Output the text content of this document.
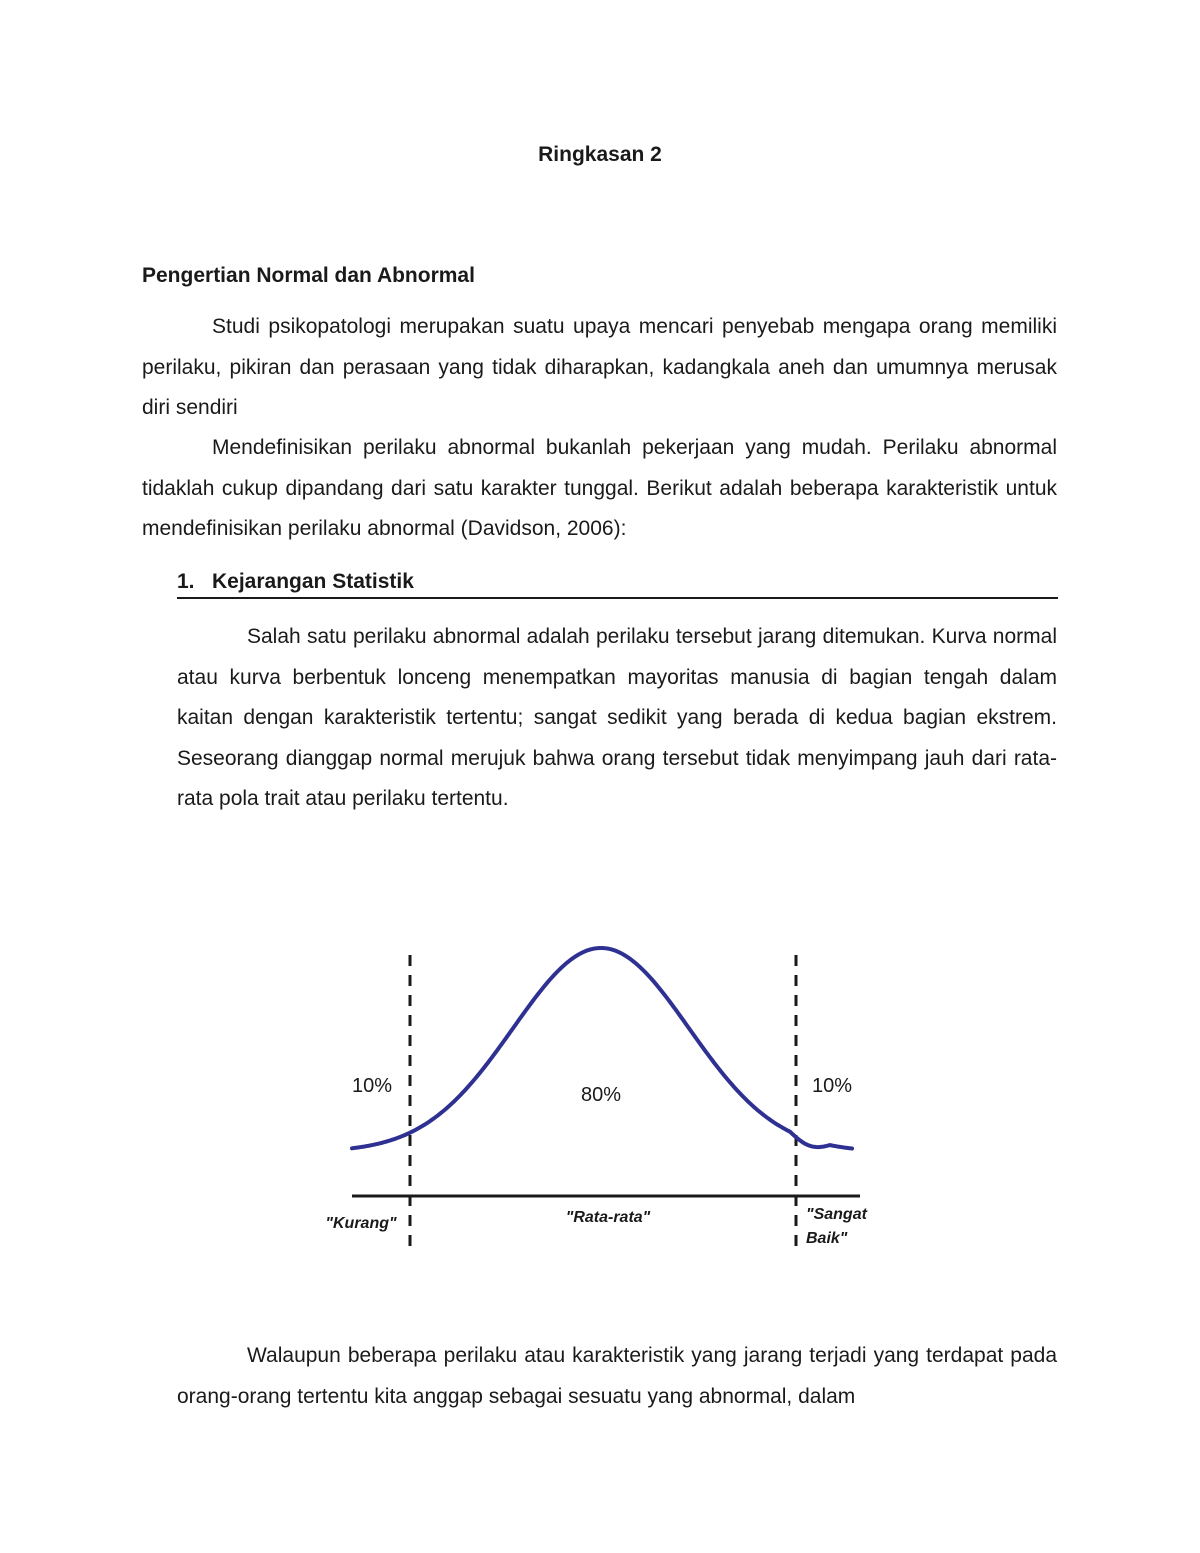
Ringkasan 2
Pengertian Normal dan Abnormal

Studi psikopatologi merupakan suatu upaya mencari penyebab mengapa orang memiliki perilaku, pikiran dan perasaan yang tidak diharapkan, kadangkala aneh dan umumnya merusak diri sendiri

Mendefinisikan perilaku abnormal bukanlah pekerjaan yang mudah. Perilaku abnormal tidaklah cukup dipandang dari satu karakter tunggal. Berikut adalah beberapa karakteristik untuk mendefinisikan perilaku abnormal (Davidson, 2006):

1. Kejarangan Statistik

Salah satu perilaku abnormal adalah perilaku tersebut jarang ditemukan. Kurva normal atau kurva berbentuk lonceng menempatkan mayoritas manusia di bagian tengah dalam kaitan dengan karakteristik tertentu; sangat sedikit yang berada di kedua bagian ekstrem. Seseorang dianggap normal merujuk bahwa orang tersebut tidak menyimpang jauh dari rata-rata pola trait atau perilaku tertentu.

10%	80%	10%
"Kurang"	"Rata-rata"	"Sangat
Baik"

Walaupun beberapa perilaku atau karakteristik yang jarang terjadi yang terdapat pada orang-orang tertentu kita anggap sebagai sesuatu yang abnormal, dalam
